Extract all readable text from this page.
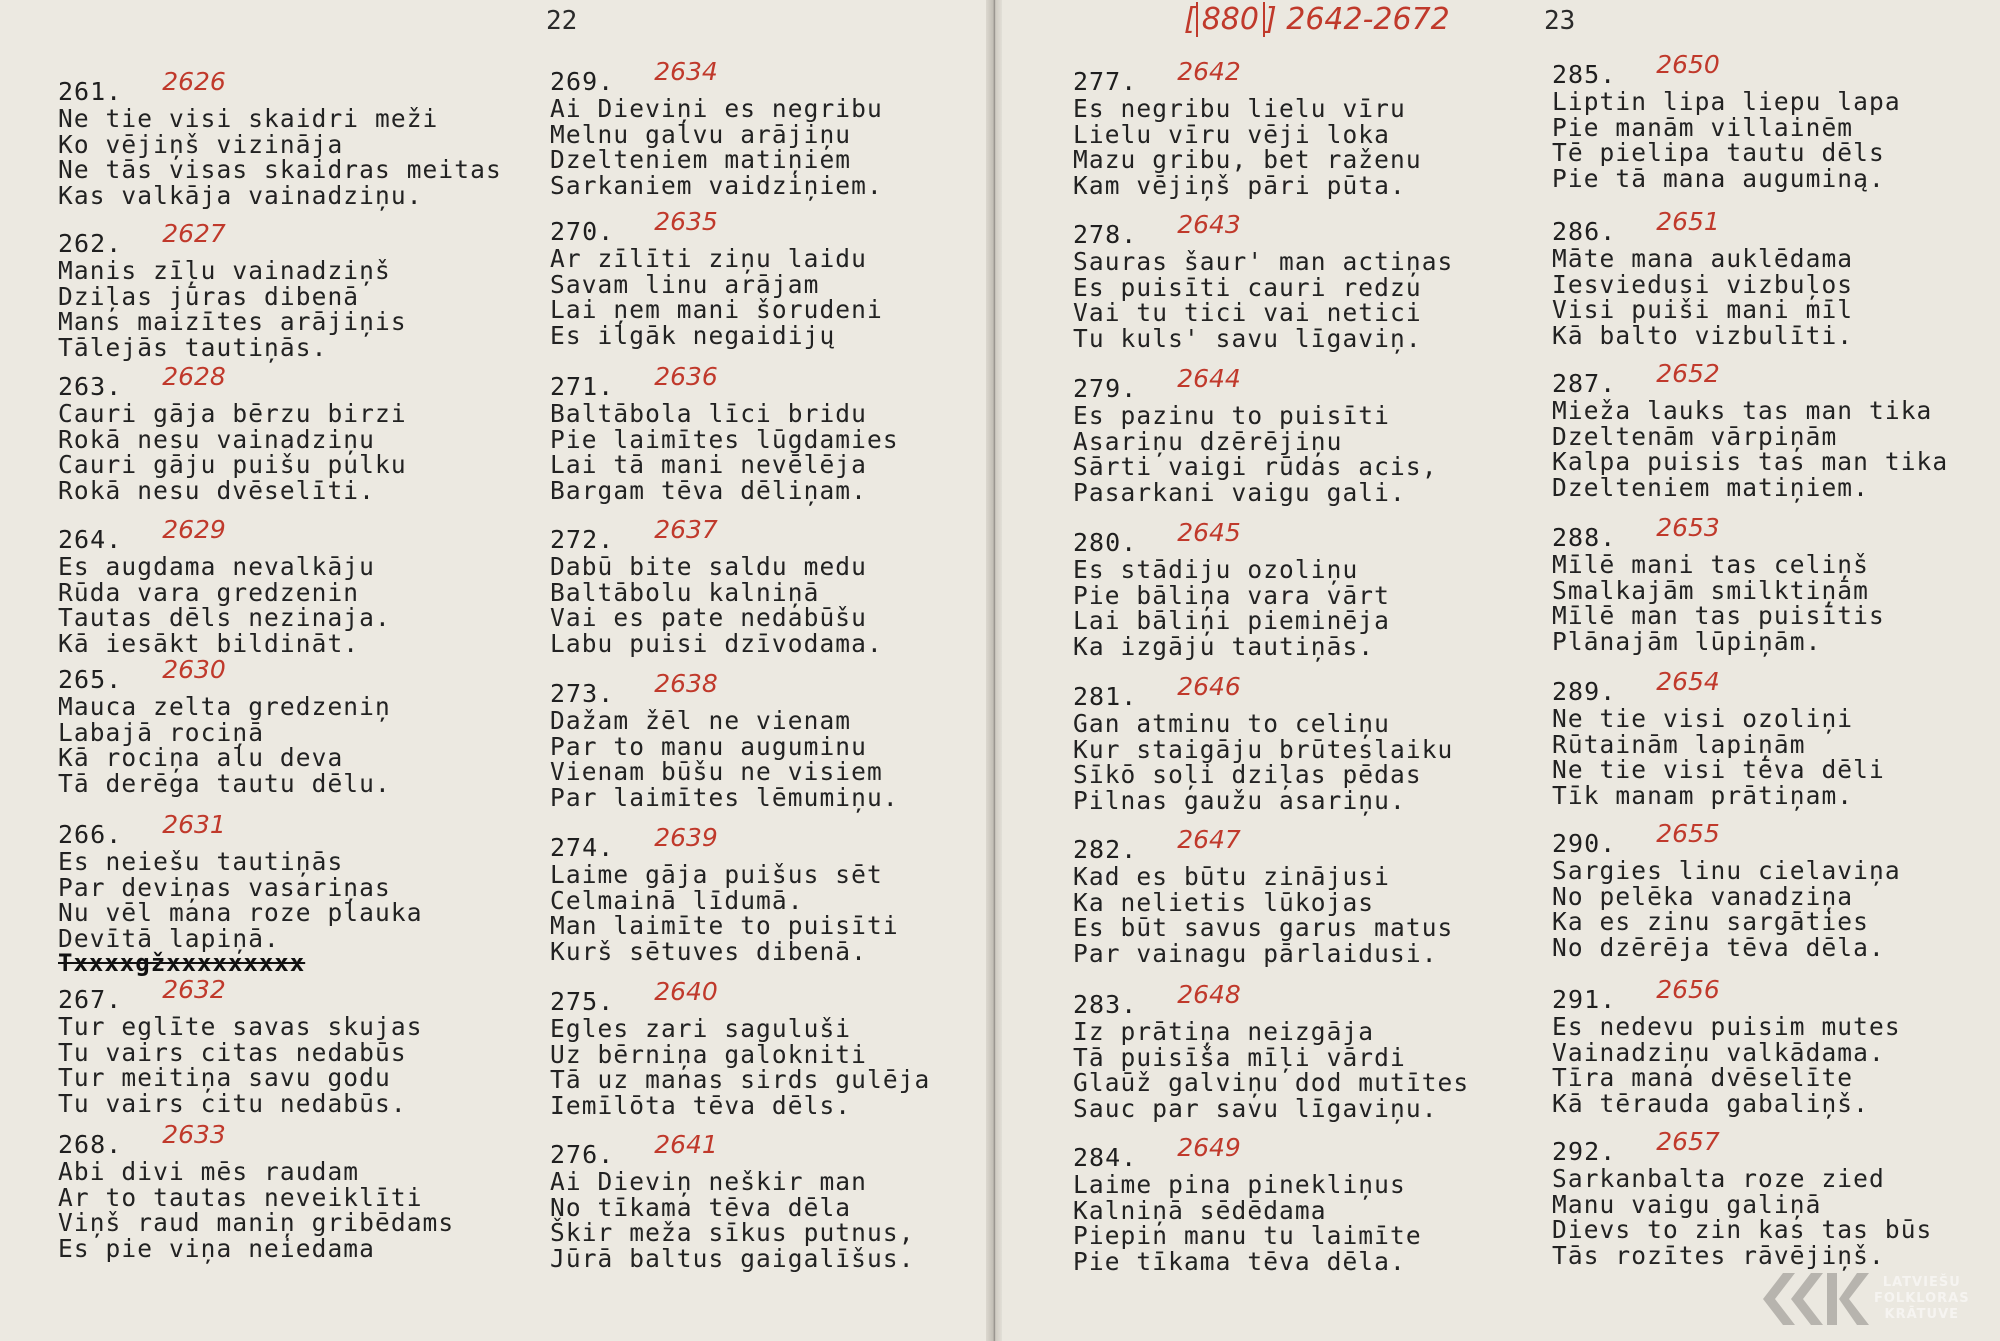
22	23
[ 880 ] 2642-2672
261. 2626
Ne tie visi skaidri meži
Ko vējiņš vizināja
Ne tās visas skaidras meitas
Kas valkāja vainadziņu.
262. 2627
Manis zīļu vainadziņš
Dziļas jūras dibenā
Mans maizītes arājiņis
Tālejās tautiņās.
263. 2628
Cauri gāja bērzu birzi
Rokā nesu vainadziņu
Cauri gāju puišu pulku
Rokā nesu dvēselīti.
264. 2629
Es augdama nevalkāju
Rūda vara gredzenin
Tautas dēls nezinaja.
Kā iesākt bildināt.
265. 2630
Mauca zelta gredzeniņ
Labajā rociņā
Kā rociņa alu deva
Tā derēga tautu dēlu.
266. 2631
Es neiešu tautiņās
Par deviņas vasariņas
Nu vēl mana roze plauka
Devītā lapiņā.
Txxxxgžxxxxxxxxx
267. 2632
Tur eglīte savas skujas
Tu vairs citas nedabūs
Tur meitiņa savu godu
Tu vairs citu nedabūs.
268. 2633
Abi divi mēs raudam
Ar to tautas neveiklīti
Viņš raud maniņ gribēdams
Es pie viņa neiedama
269. 2634
Ai Dieviņi es negribu
Melnu galvu arājiņu
Dzelteniem matiņiem
Sarkaniem vaidziņiem.
270. 2635
Ar zīlīti ziņu laidu
Savam linu arājam
Lai ņem mani šorudeni
Es ilgāk negaidijų
271. 2636
Baltābola līci bridu
Pie laimītes lūgdamies
Lai tā mani nevēlēja
Bargam tēva dēliņam.
272. 2637
Dabū bite saldu medu
Baltābolu kalniņā
Vai es pate nedabūšu
Labu puisi dzīvodama.
273. 2638
Dažam žēl ne vienam
Par to manu auguminu
Vienam būšu ne visiem
Par laimītes lēmumiņu.
274. 2639
Laime gāja puišus sēt
Celmainā līdumā.
Man laimīte to puisīti
Kurš sētuves dibenā.
275. 2640
Egles zari saguluši
Uz bērniņa galokniti
Tā uz manas sirds gulēja
Iemīlōta tēva dēls.
276. 2641
Ai Dieviņ neškir man
No tīkama tēva dēla
Škir meža sīkus putnus,
Jūrā baltus gaigalīšus.
277. 2642
Es negribu lielu vīru
Lielu vīru vēji loka
Mazu gribu, bet raženu
Kam vējiņš pāri pūta.
278. 2643
Sauras šaur' man actiņas
Es puisīti cauri redzu
Vai tu tici vai netici
Tu kuls' savu līgaviņ.
279. 2644
Es pazinu to puisīti
Asariņu dzērējiņu
Sārti vaigi rūdas acis,
Pasarkani vaigu gali.
280. 2645
Es stādiju ozoliņu
Pie bāliņa vara vārt
Lai bāliņi pieminēja
Ka izgāju tautiņās.
281. 2646
Gan atminu to celiņu
Kur staigāju brūteslaiku
Sīkō soļi dziļas pēdas
Pilnas gaužu asariņu.
282. 2647
Kad es būtu zinājusi
Ka nelietis lūkojas
Es būt savus garus matus
Par vainagu pārlaidusi.
283. 2648
Iz prātiņa neizgāja
Tā puisīša mīļi vārdi
Glaūž galviņu dod mutītes
Sauc par savu līgaviņu.
284. 2649
Laime pina pinekliņus
Kalniņā sēdēdama
Piepin manu tu laimīte
Pie tīkama tēva dēla.
285. 2650
Liptin lipa liepu lapa
Pie manām villainēm
Tē pielipa tautu dēls
Pie tā mana auguminą.
286. 2651
Māte mana auklēdama
Iesviedusi vizbuļos
Visi puiši mani mīl
Kā balto vizbulīti.
287. 2652
Mieža lauks tas man tika
Dzeltenām vārpiņām
Kalpa puisis tas man tika
Dzelteniem matiņiem.
288. 2653
Mīlē mani tas celiņš
Smalkajām smilktiņām
Mīlē man tas puisītis
Plānajām lūpiņām.
289. 2654
Ne tie visi ozoliņi
Rūtainām lapiņām
Ne tie visi tēva dēli
Tīk manam prātiņam.
290. 2655
Sargies linu cielaviņa
No pelēka vanadziņa
Ka es zinu sargāties
No dzērēja tēva dēla.
291. 2656
Es nedevu puisim mutes
Vainadziņu valkādama.
Tīra mana dvēselīte
Kā tērauda gabaliņš.
292. 2657
Sarkanbalta roze zied
Manu vaigu galiņā
Dievs to zin kas tas būs
Tās rozītes rāvējiņš.
LATVIEŠU
FOLKLORAS
KRĀTUVE
